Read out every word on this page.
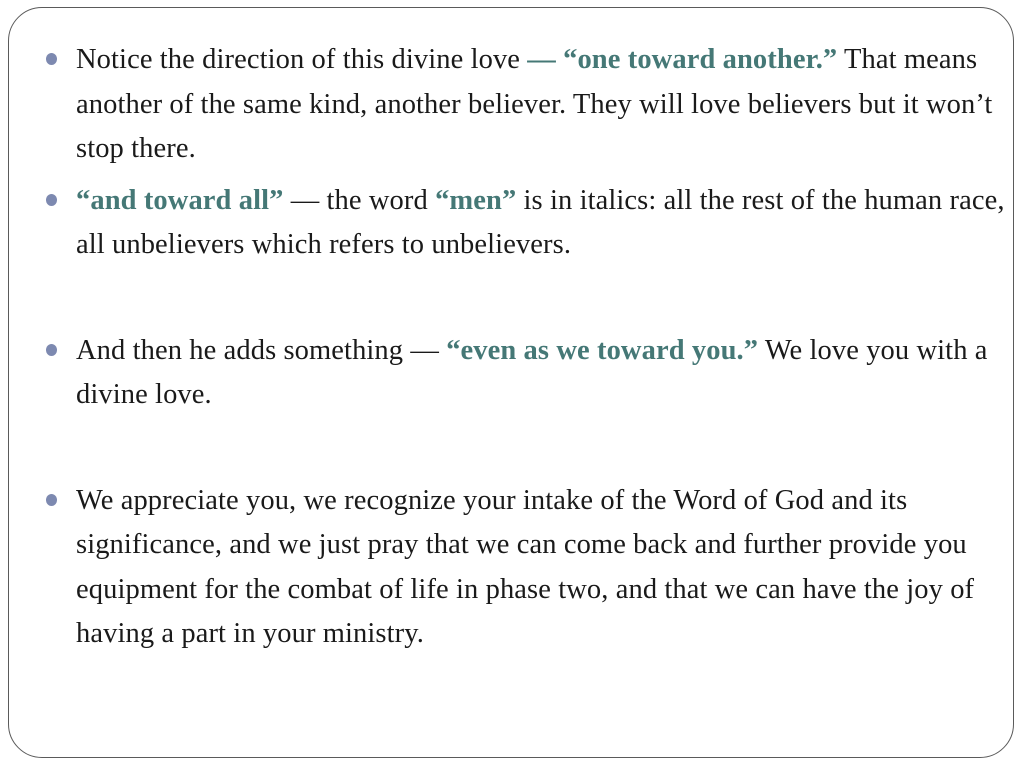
Notice the direction of this divine love — “one toward another.” That means another of the same kind, another believer. They will love believers but it won’t stop there.

“and toward all” — the word “men” is in italics: all the rest of the human race, all unbelievers which refers to unbelievers.

And then he adds something — “even as we toward you.” We love you with a divine love.

We appreciate you, we recognize your intake of the Word of God and its significance, and we just pray that we can come back and further provide you equipment for the combat of life in phase two, and that we can have the joy of having a part in your ministry.
